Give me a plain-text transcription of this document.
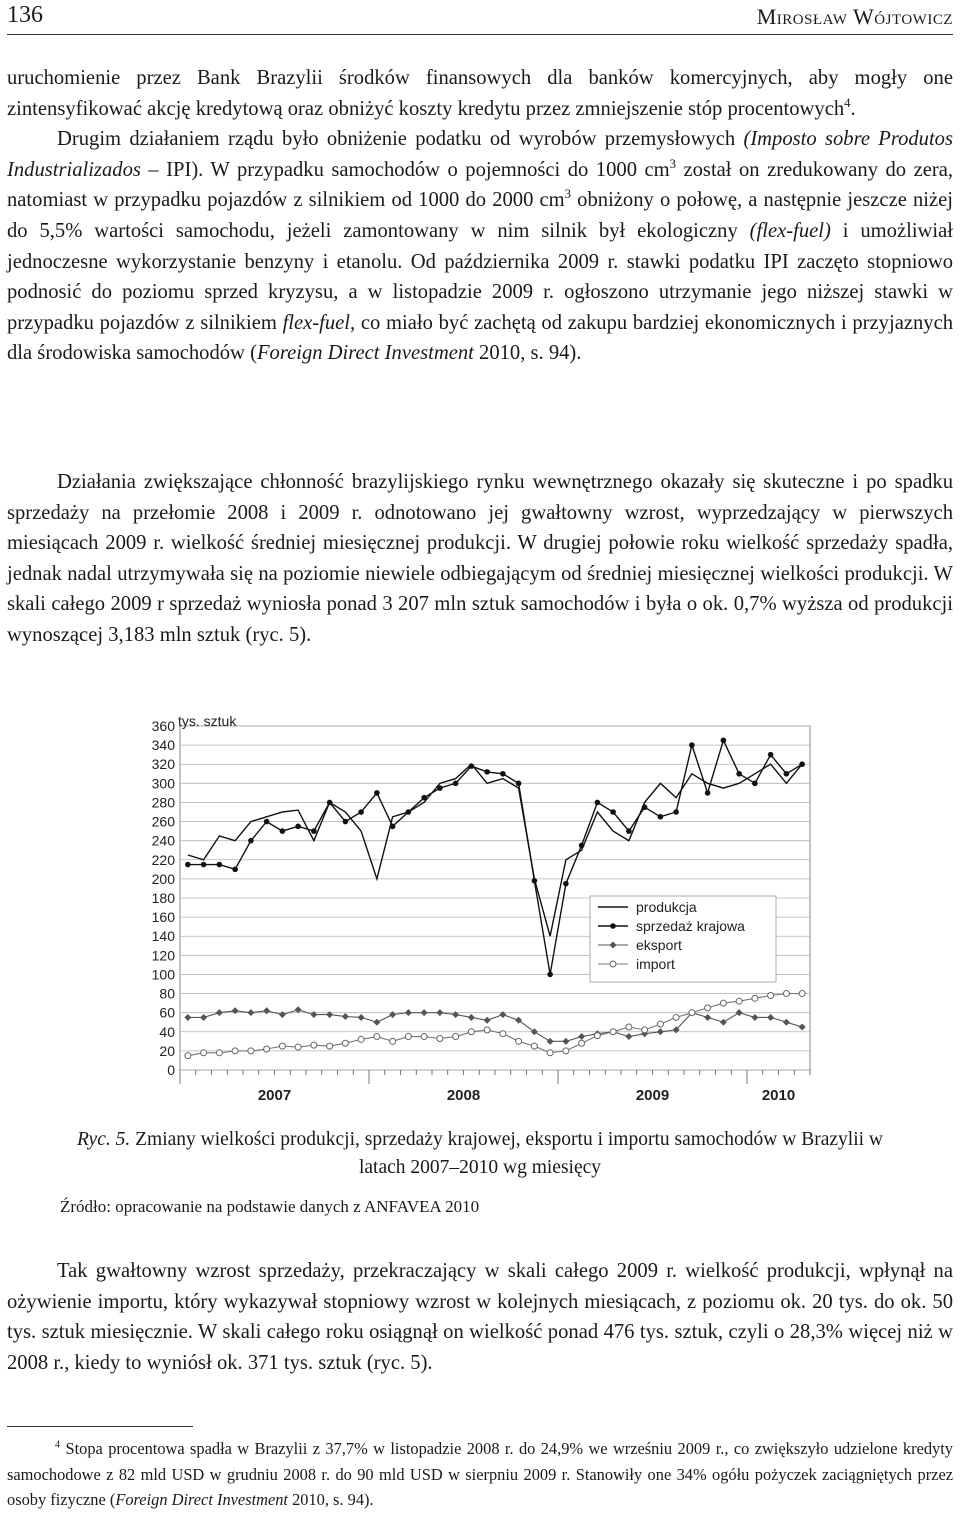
136	Mirosław Wójtowicz

uruchomienie przez Bank Brazylii środków finansowych dla banków komercyjnych, aby mogły one zintensyfikować akcję kredytową oraz obniżyć koszty kredytu przez zmniejszenie stóp procentowych$^4$.
Drugim działaniem rządu było obniżenie podatku od wyrobów przemysłowych (Imposto sobre Produtos Industrializados – IPI). W przypadku samochodów o pojemności do 1000 $cm^3$ został on zredukowany do zera, natomiast w przypadku pojazdów z silnikiem od 1000 do 2000 $cm^3$ obniżony o połowę, a następnie jeszcze niżej do 5,5% wartości samochodu, jeżeli zamontowany w nim silnik był ekologiczny (flex-fuel) i umożliwiał jednoczesne wykorzystanie benzyny i etanolu. Od października 2009 r. stawki podatku IPI zaczęto stopniowo podnosić do poziomu sprzed kryzysu, a w listopadzie 2009 r. ogłoszono utrzymanie jego niższej stawki w przypadku pojazdów z silnikiem flex-fuel, co miało być zachętą od zakupu bardziej ekonomicznych i przyjaznych dla środowiska samochodów (Foreign Direct Investment 2010, s. 94).

Działania zwiększające chłonność brazylijskiego rynku wewnętrznego okazały się skuteczne i po spadku sprzedaży na przełomie 2008 i 2009 r. odnotowano jej gwałtowny wzrost, wyprzedzający w pierwszych miesiącach 2009 r. wielkość średniej miesięcznej produkcji. W drugiej połowie roku wielkość sprzedaży spadła, jednak nadal utrzymywała się na poziomie niewiele odbiegającym od średniej miesięcznej wielkości produkcji. W skali całego 2009 r sprzedaż wyniosła ponad 3 207 mln sztuk samochodów i była o ok. 0,7% wyższa od produkcji wynoszącej 3,183 mln sztuk (ryc. 5).

0
20
40
60
80
100
120
140
160
180
200
220
240
260
280
300
320
340
360
2007	2008	2009	2010
produkcja
sprzedaż krajowa
eksport
import
tys. sztuk
Ryc. 5. Zmiany wielkości produkcji, sprzedaży krajowej, eksportu i importu samochodów w Brazylii w latach 2007–2010 wg miesięcy
Źródło: opracowanie na podstawie danych z ANFAVEA 2010

Tak gwałtowny wzrost sprzedaży, przekraczający w skali całego 2009 r. wielkość produkcji, wpłynął na ożywienie importu, który wykazywał stopniowy wzrost w kolejnych miesiącach, z poziomu ok. 20 tys. do ok. 50 tys. sztuk miesięcznie. W skali całego roku osiągnął on wielkość ponad 476 tys. sztuk, czyli o 28,3% więcej niż w 2008 r., kiedy to wyniósł ok. 371 tys. sztuk (ryc. 5).

$^4$ Stopa procentowa spadła w Brazylii z 37,7% w listopadzie 2008 r. do 24,9% we wrześniu 2009 r., co zwiększyło udzielone kredyty samochodowe z 82 mld USD w grudniu 2008 r. do 90 mld USD w sierpniu 2009 r. Stanowiły one 34% ogółu pożyczek zaciągniętych przez osoby fizyczne (Foreign Direct Investment 2010, s. 94).
